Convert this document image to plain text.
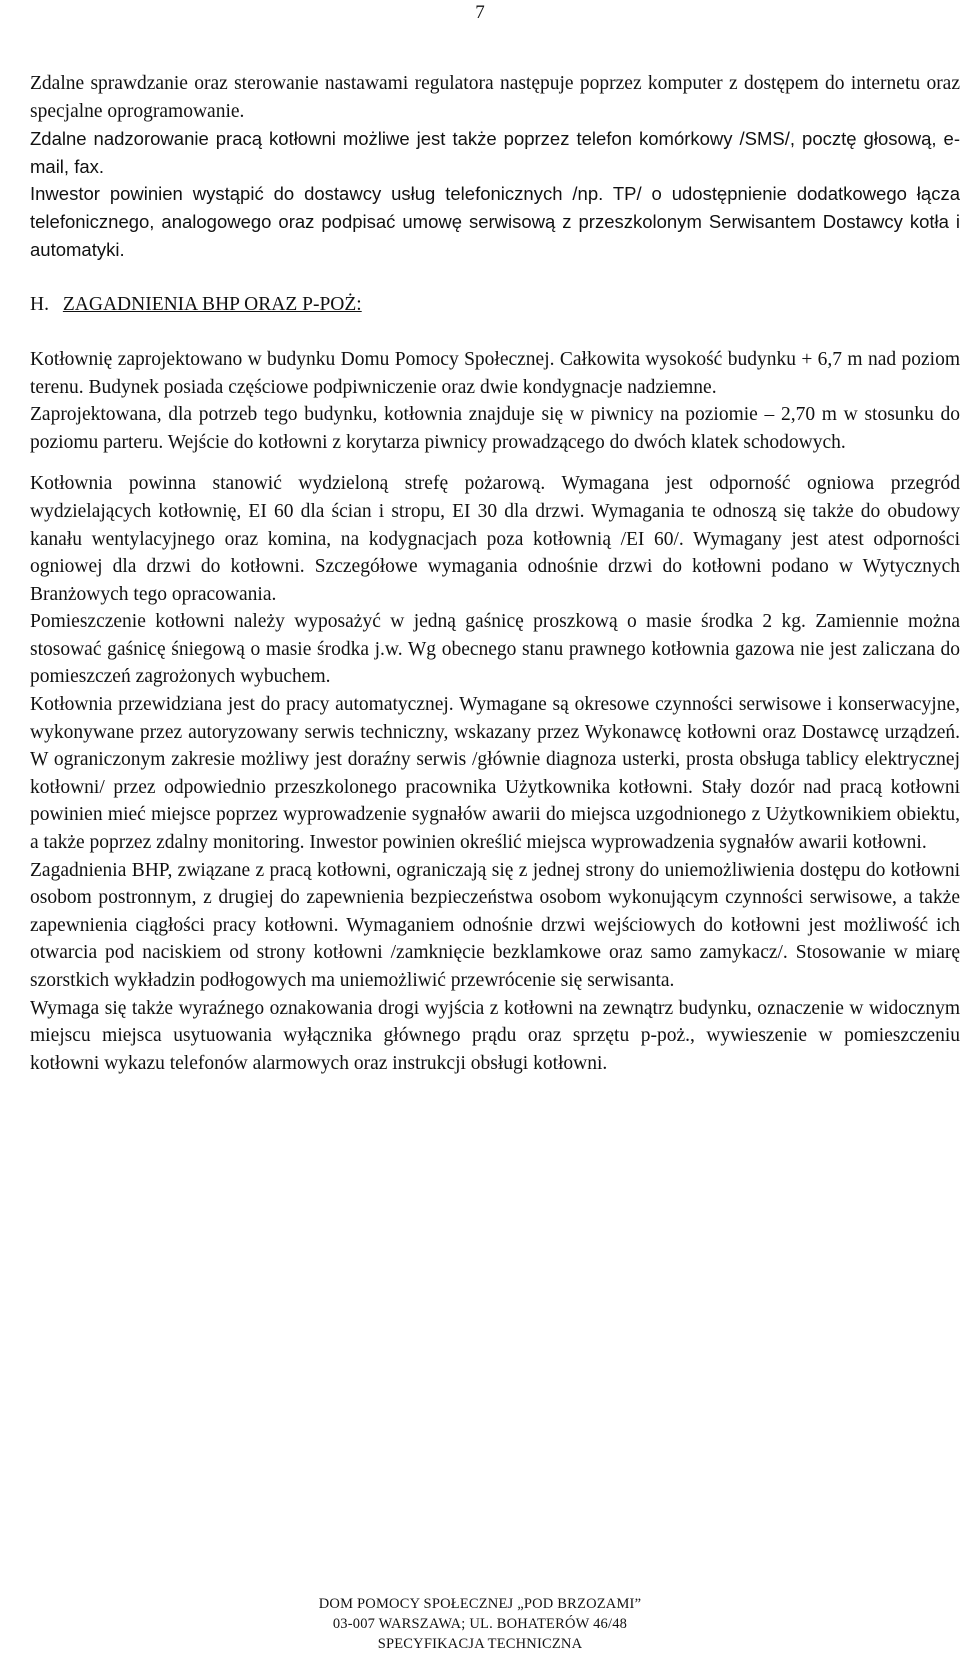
7

Zdalne sprawdzanie oraz sterowanie nastawami regulatora następuje poprzez komputer z dostępem do internetu oraz specjalne oprogramowanie.

Zdalne nadzorowanie pracą kotłowni możliwe jest także poprzez telefon komórkowy /SMS/, pocztę głosową, e-mail, fax.

Inwestor powinien wystąpić do dostawcy usług telefonicznych /np. TP/ o udostępnienie dodatkowego łącza telefonicznego, analogowego oraz podpisać umowę serwisową z przeszkolonym Serwisantem Dostawcy kotła i automatyki.

H. ZAGADNIENIA BHP ORAZ P-POŻ:

Kotłownię zaprojektowano w budynku Domu Pomocy Społecznej. Całkowita wysokość budynku + 6,7 m nad poziom terenu. Budynek posiada częściowe podpiwniczenie oraz dwie kondygnacje nadziemne.

Zaprojektowana, dla potrzeb tego budynku, kotłownia znajduje się w piwnicy na poziomie – 2,70 m w stosunku do poziomu parteru. Wejście do kotłowni z korytarza piwnicy prowadzącego do dwóch klatek schodowych.

Kotłownia powinna stanowić wydzieloną strefę pożarową. Wymagana jest odporność ogniowa przegród wydzielających kotłownię, EI 60 dla ścian i stropu, EI 30 dla drzwi. Wymagania te odnoszą się także do obudowy kanału wentylacyjnego oraz komina, na kodygnacjach poza kotłownią /EI 60/. Wymagany jest atest odporności ogniowej dla drzwi do kotłowni. Szczegółowe wymagania odnośnie drzwi do kotłowni podano w Wytycznych Branżowych tego opracowania.

Pomieszczenie kotłowni należy wyposażyć w jedną gaśnicę proszkową o masie środka 2 kg. Zamiennie można stosować gaśnicę śniegową o masie środka j.w. Wg obecnego stanu prawnego kotłownia gazowa nie jest zaliczana do pomieszczeń zagrożonych wybuchem.

Kotłownia przewidziana jest do pracy automatycznej. Wymagane są okresowe czynności serwisowe i konserwacyjne, wykonywane przez autoryzowany serwis techniczny, wskazany przez Wykonawcę kotłowni oraz Dostawcę urządzeń. W ograniczonym zakresie możliwy jest doraźny serwis /głównie diagnoza usterki, prosta obsługa tablicy elektrycznej kotłowni/ przez odpowiednio przeszkolonego pracownika Użytkownika kotłowni. Stały dozór nad pracą kotłowni powinien mieć miejsce poprzez wyprowadzenie sygnałów awarii do miejsca uzgodnionego z Użytkownikiem obiektu, a także poprzez zdalny monitoring. Inwestor powinien określić miejsca wyprowadzenia sygnałów awarii kotłowni.

Zagadnienia BHP, związane z pracą kotłowni, ograniczają się z jednej strony do uniemożliwienia dostępu do kotłowni osobom postronnym, z drugiej do zapewnienia bezpieczeństwa osobom wykonującym czynności serwisowe, a także zapewnienia ciągłości pracy kotłowni. Wymaganiem odnośnie drzwi wejściowych do kotłowni jest możliwość ich otwarcia pod naciskiem od strony kotłowni /zamknięcie bezklamkowe oraz samo zamykacz/. Stosowanie w miarę szorstkich wykładzin podłogowych ma uniemożliwić przewrócenie się serwisanta.

Wymaga się także wyraźnego oznakowania drogi wyjścia z kotłowni na zewnątrz budynku, oznaczenie w widocznym miejscu miejsca usytuowania wyłącznika głównego prądu oraz sprzętu p-poż., wywieszenie w pomieszczeniu kotłowni wykazu telefonów alarmowych oraz instrukcji obsługi kotłowni.

DOM POMOCY SPOŁECZNEJ „POD BRZOZAMI”
03-007 WARSZAWA; UL. BOHATERÓW 46/48
SPECYFIKACJA TECHNICZNA
